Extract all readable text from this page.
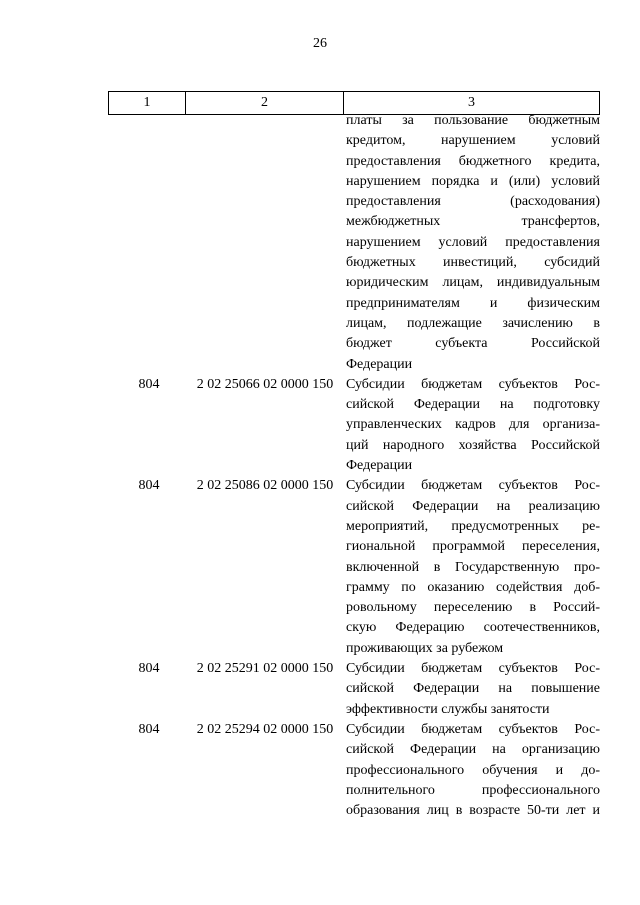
26
1	2	3
платы за пользование бюджетным
кредитом, нарушением условий
предоставления бюджетного кредита,
нарушением порядка и (или) условий
предоставления (расходования)
межбюджетных трансфертов,
нарушением условий предоставления
бюджетных инвестиций, субсидий
юридическим лицам, индивидуальным
предпринимателям и физическим
лицам, подлежащие зачислению в
бюджет субъекта Российской
Федерации
804	2 02 25066 02 0000 150 Субсидии бюджетам субъектов Рос-
сийской Федерации на подготовку
управленческих кадров для организа-
ций народного хозяйства Российской
Федерации
804	2 02 25086 02 0000 150 Субсидии бюджетам субъектов Рос-
сийской Федерации на реализацию
мероприятий, предусмотренных ре-
гиональной программой переселения,
включенной в Государственную про-
грамму по оказанию содействия доб-
ровольному переселению в Россий-
скую Федерацию соотечественников,
проживающих за рубежом
804	2 02 25291 02 0000 150 Субсидии бюджетам субъектов Рос-
сийской Федерации на повышение
эффективности службы занятости
804	2 02 25294 02 0000 150 Субсидии бюджетам субъектов Рос-
сийской Федерации на организацию
профессионального обучения и до-
полнительного профессионального
образования лиц в возрасте 50-ти лет и
